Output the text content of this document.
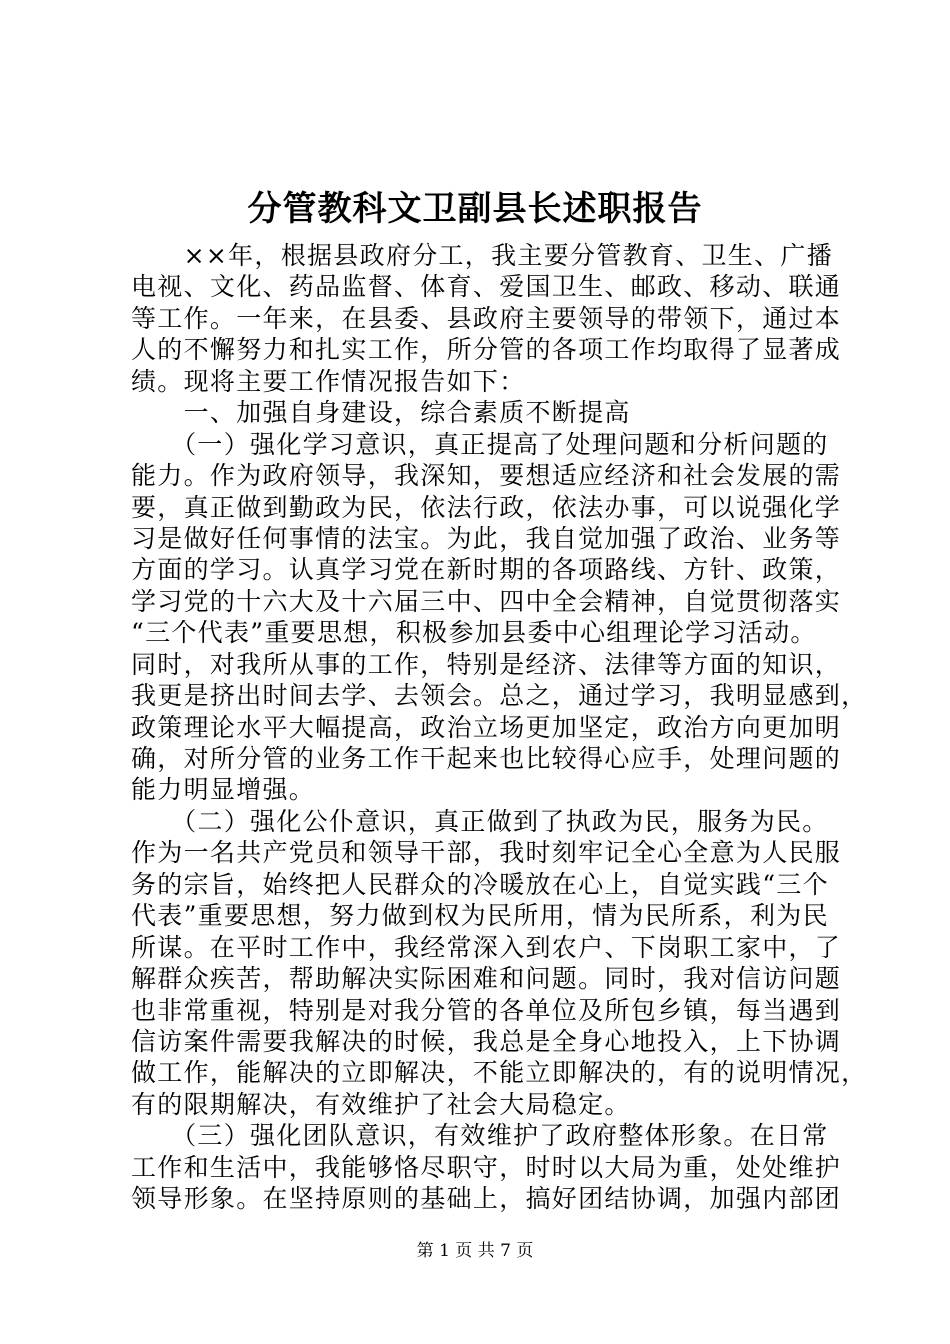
分管教科文卫副县长述职报告
　　××年，根据县政府分工，我主要分管教育、卫生、广播
电视、文化、药品监督、体育、爱国卫生、邮政、移动、联通
等工作。一年来，在县委、县政府主要领导的带领下，通过本
人的不懈努力和扎实工作，所分管的各项工作均取得了显著成
绩。现将主要工作情况报告如下：
　　一、加强自身建设，综合素质不断提高
　　（一）强化学习意识，真正提高了处理问题和分析问题的
能力。作为政府领导，我深知，要想适应经济和社会发展的需
要，真正做到勤政为民，依法行政，依法办事，可以说强化学
习是做好任何事情的法宝。为此，我自觉加强了政治、业务等
方面的学习。认真学习党在新时期的各项路线、方针、政策，
学习党的十六大及十六届三中、四中全会精神，自觉贯彻落实
“三个代表”重要思想，积极参加县委中心组理论学习活动。
同时，对我所从事的工作，特别是经济、法律等方面的知识，
我更是挤出时间去学、去领会。总之，通过学习，我明显感到，
政策理论水平大幅提高，政治立场更加坚定，政治方向更加明
确，对所分管的业务工作干起来也比较得心应手，处理问题的
能力明显增强。
　　（二）强化公仆意识，真正做到了执政为民，服务为民。
作为一名共产党员和领导干部，我时刻牢记全心全意为人民服
务的宗旨，始终把人民群众的冷暖放在心上，自觉实践“三个
代表”重要思想，努力做到权为民所用，情为民所系，利为民
所谋。在平时工作中，我经常深入到农户、下岗职工家中，了
解群众疾苦，帮助解决实际困难和问题。同时，我对信访问题
也非常重视，特别是对我分管的各单位及所包乡镇，每当遇到
信访案件需要我解决的时候，我总是全身心地投入，上下协调
做工作，能解决的立即解决，不能立即解决的，有的说明情况，
有的限期解决，有效维护了社会大局稳定。
　　（三）强化团队意识，有效维护了政府整体形象。在日常
工作和生活中，我能够恪尽职守，时时以大局为重，处处维护
领导形象。在坚持原则的基础上，搞好团结协调，加强内部团
第 1 页 共 7 页
